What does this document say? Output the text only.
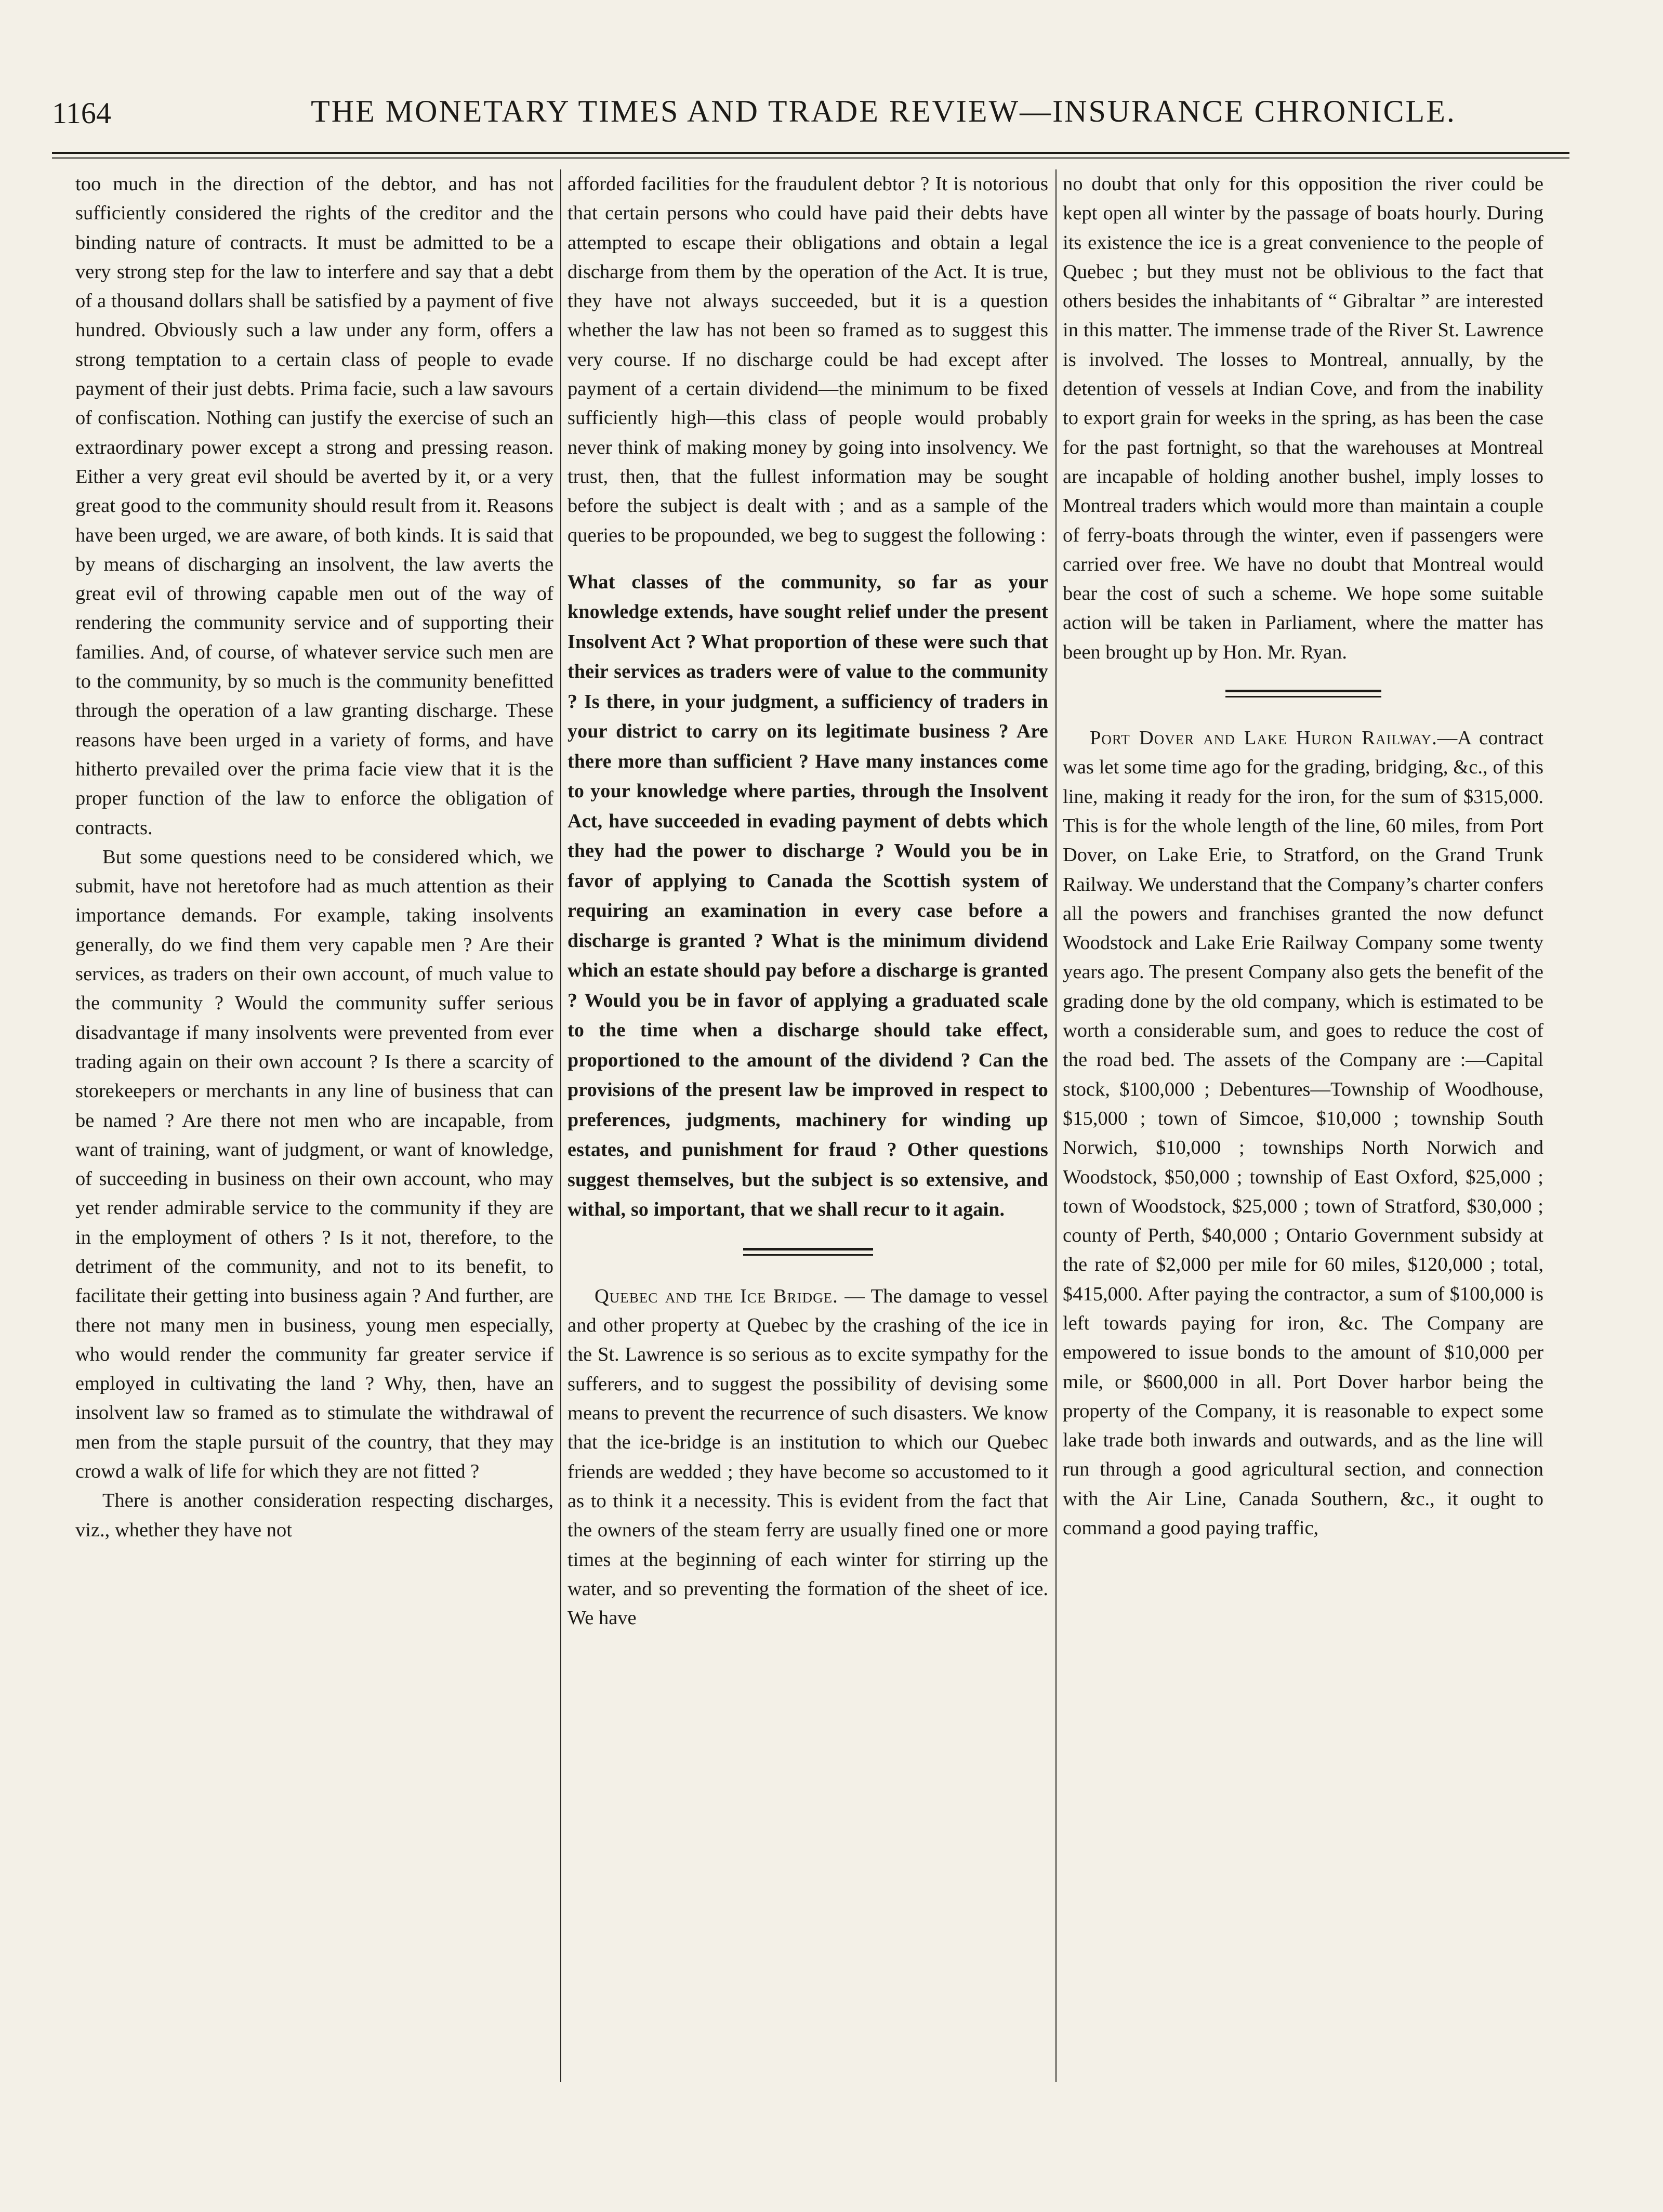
1164	THE MONETARY TIMES AND TRADE REVIEW—INSURANCE CHRONICLE.

too much in the direction of the debtor, and has not sufficiently considered the rights of the creditor and the binding nature of contracts. It must be admitted to be a very strong step for the law to interfere and say that a debt of a thousand dollars shall be satisfied by a payment of five hundred. Obviously such a law under any form, offers a strong temptation to a certain class of people to evade payment of their just debts. Prima facie, such a law savours of confiscation. Nothing can justify the exercise of such an extraordinary power except a strong and pressing reason. Either a very great evil should be averted by it, or a very great good to the community should result from it. Reasons have been urged, we are aware, of both kinds. It is said that by means of discharging an insolvent, the law averts the great evil of throwing capable men out of the way of rendering the community service and of supporting their families. And, of course, of whatever service such men are to the community, by so much is the community benefitted through the operation of a law granting discharge. These reasons have been urged in a variety of forms, and have hitherto prevailed over the prima facie view that it is the proper function of the law to enforce the obligation of contracts.

But some questions need to be considered which, we submit, have not heretofore had as much attention as their importance demands. For example, taking insolvents generally, do we find them very capable men ? Are their services, as traders on their own account, of much value to the community ? Would the community suffer serious disadvantage if many insolvents were prevented from ever trading again on their own account ? Is there a scarcity of storekeepers or merchants in any line of business that can be named ? Are there not men who are incapable, from want of training, want of judgment, or want of knowledge, of succeeding in business on their own account, who may yet render admirable service to the community if they are in the employment of others ? Is it not, therefore, to the detriment of the community, and not to its benefit, to facilitate their getting into business again ? And further, are there not many men in business, young men especially, who would render the community far greater service if employed in cultivating the land ? Why, then, have an insolvent law so framed as to stimulate the withdrawal of men from the staple pursuit of the country, that they may crowd a walk of life for which they are not fitted ?

There is another consideration respecting discharges, viz., whether they have not

afforded facilities for the fraudulent debtor ? It is notorious that certain persons who could have paid their debts have attempted to escape their obligations and obtain a legal discharge from them by the operation of the Act. It is true, they have not always succeeded, but it is a question whether the law has not been so framed as to suggest this very course. If no discharge could be had except after payment of a certain dividend—the minimum to be fixed sufficiently high—this class of people would probably never think of making money by going into insolvency. We trust, then, that the fullest information may be sought before the subject is dealt with ; and as a sample of the queries to be propounded, we beg to suggest the following :

What classes of the community, so far as your knowledge extends, have sought relief under the present Insolvent Act ? What proportion of these were such that their services as traders were of value to the community ? Is there, in your judgment, a sufficiency of traders in your district to carry on its legitimate business ? Are there more than sufficient ? Have many instances come to your knowledge where parties, through the Insolvent Act, have succeeded in evading payment of debts which they had the power to discharge ? Would you be in favor of applying to Canada the Scottish system of requiring an examination in every case before a discharge is granted ? What is the minimum dividend which an estate should pay before a discharge is granted ? Would you be in favor of applying a graduated scale to the time when a discharge should take effect, proportioned to the amount of the dividend ? Can the provisions of the present law be improved in respect to preferences, judgments, machinery for winding up estates, and punishment for fraud ? Other questions suggest themselves, but the subject is so extensive, and withal, so important, that we shall recur to it again.

Quebec and the Ice Bridge. — The damage to vessel and other property at Quebec by the crashing of the ice in the St. Lawrence is so serious as to excite sympathy for the sufferers, and to suggest the possibility of devising some means to prevent the recurrence of such disasters. We know that the ice-bridge is an institution to which our Quebec friends are wedded ; they have become so accustomed to it as to think it a necessity. This is evident from the fact that the owners of the steam ferry are usually fined one or more times at the beginning of each winter for stirring up the water, and so preventing the formation of the sheet of ice. We have

no doubt that only for this opposition the river could be kept open all winter by the passage of boats hourly. During its existence the ice is a great convenience to the people of Quebec ; but they must not be oblivious to the fact that others besides the inhabitants of “ Gibraltar ” are interested in this matter. The immense trade of the River St. Lawrence is involved. The losses to Montreal, annually, by the detention of vessels at Indian Cove, and from the inability to export grain for weeks in the spring, as has been the case for the past fortnight, so that the warehouses at Montreal are incapable of holding another bushel, imply losses to Montreal traders which would more than maintain a couple of ferry-boats through the winter, even if passengers were carried over free. We have no doubt that Montreal would bear the cost of such a scheme. We hope some suitable action will be taken in Parliament, where the matter has been brought up by Hon. Mr. Ryan.

Port Dover and Lake Huron Railway.—A contract was let some time ago for the grading, bridging, &c., of this line, making it ready for the iron, for the sum of $315,000. This is for the whole length of the line, 60 miles, from Port Dover, on Lake Erie, to Stratford, on the Grand Trunk Railway. We understand that the Company’s charter confers all the powers and franchises granted the now defunct Woodstock and Lake Erie Railway Company some twenty years ago. The present Company also gets the benefit of the grading done by the old company, which is estimated to be worth a considerable sum, and goes to reduce the cost of the road bed. The assets of the Company are :—Capital stock, $100,000 ; Debentures—Township of Woodhouse, $15,000 ; town of Simcoe, $10,000 ; township South Norwich, $10,000 ; townships North Norwich and Woodstock, $50,000 ; township of East Oxford, $25,000 ; town of Woodstock, $25,000 ; town of Stratford, $30,000 ; county of Perth, $40,000 ; Ontario Government subsidy at the rate of $2,000 per mile for 60 miles, $120,000 ; total, $415,000. After paying the contractor, a sum of $100,000 is left towards paying for iron, &c. The Company are empowered to issue bonds to the amount of $10,000 per mile, or $600,000 in all. Port Dover harbor being the property of the Company, it is reasonable to expect some lake trade both inwards and outwards, and as the line will run through a good agricultural section, and connection with the Air Line, Canada Southern, &c., it ought to command a good paying traffic,
